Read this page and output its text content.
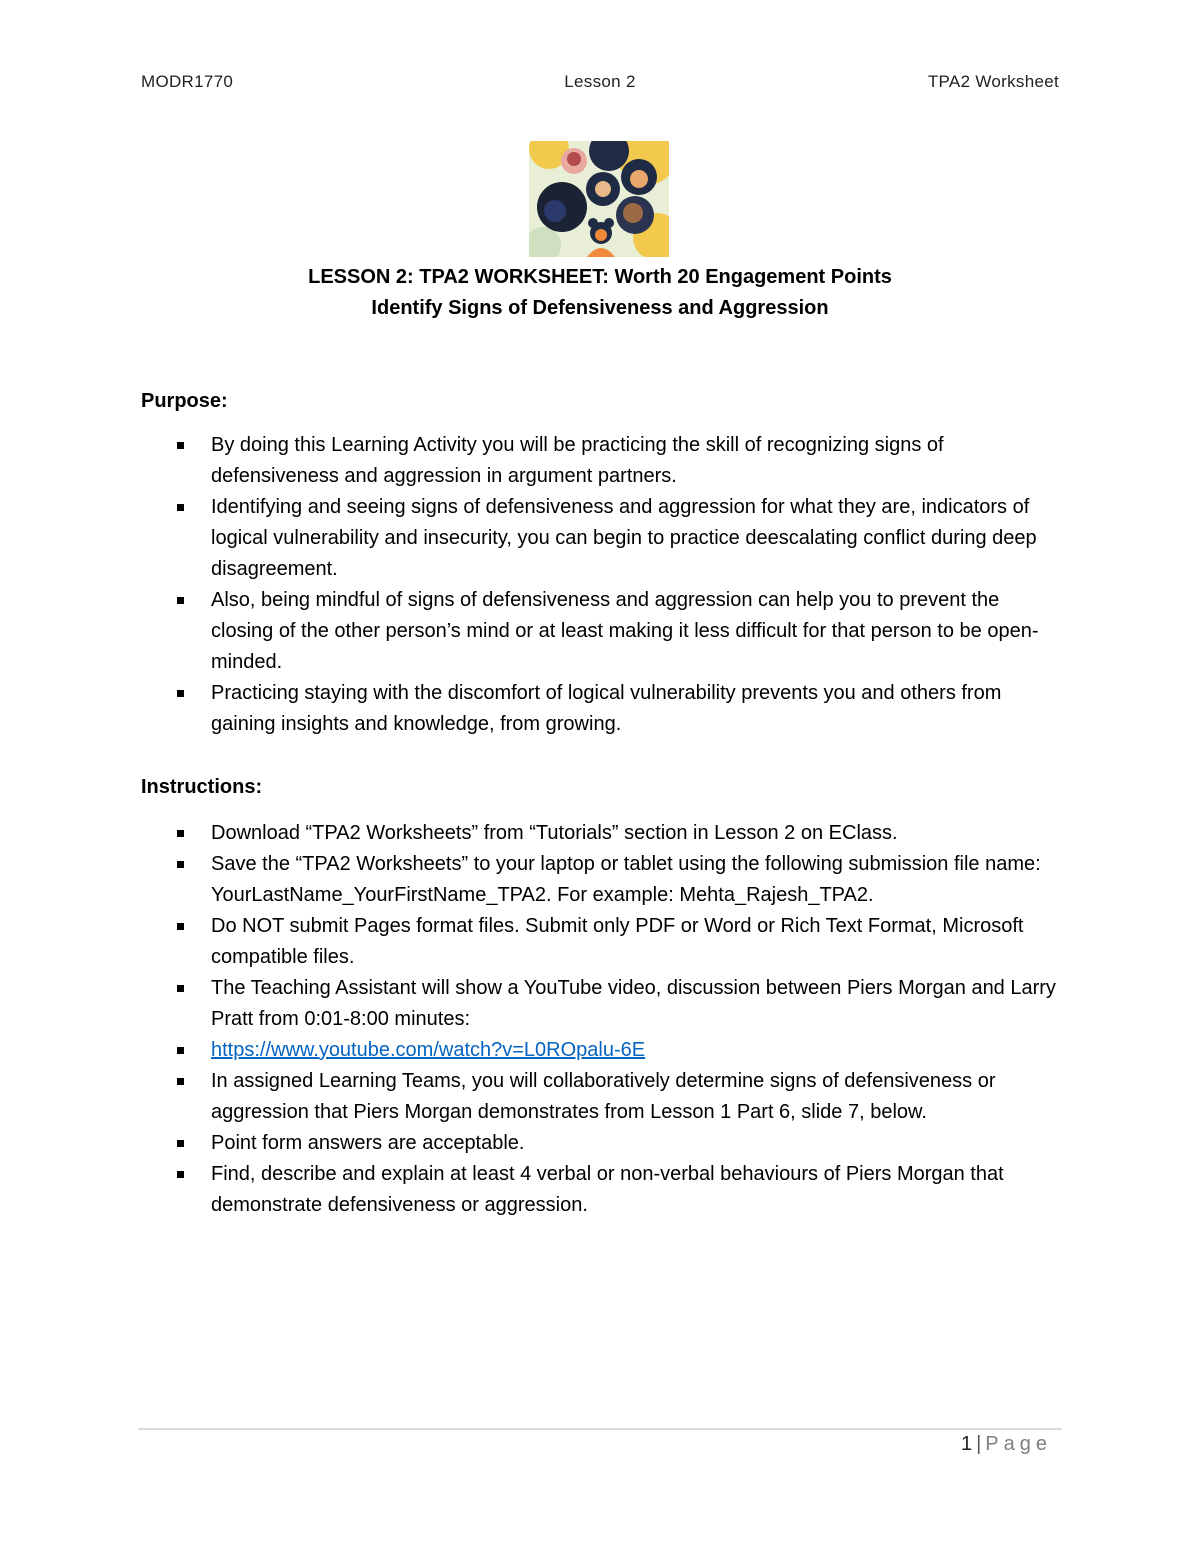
MODR1770	Lesson 2	TPA2 Worksheet
LESSON 2: TPA2 WORKSHEET: Worth 20 Engagement Points
Identify Signs of Defensiveness and Aggression
Purpose:
By doing this Learning Activity you will be practicing the skill of recognizing signs of defensiveness and aggression in argument partners.
Identifying and seeing signs of defensiveness and aggression for what they are, indicators of logical vulnerability and insecurity, you can begin to practice deescalating conflict during deep disagreement.
Also, being mindful of signs of defensiveness and aggression can help you to prevent the closing of the other person’s mind or at least making it less difficult for that person to be open-minded.
Practicing staying with the discomfort of logical vulnerability prevents you and others from gaining insights and knowledge, from growing.
Instructions:
Download “TPA2 Worksheets” from “Tutorials” section in Lesson 2 on EClass.
Save the “TPA2 Worksheets” to your laptop or tablet using the following submission file name: YourLastName_YourFirstName_TPA2. For example: Mehta_Rajesh_TPA2.
Do NOT submit Pages format files. Submit only PDF or Word or Rich Text Format, Microsoft compatible files.
The Teaching Assistant will show a YouTube video, discussion between Piers Morgan and Larry Pratt from 0:01-8:00 minutes:
https://www.youtube.com/watch?v=L0ROpalu-6E
In assigned Learning Teams, you will collaboratively determine signs of defensiveness or aggression that Piers Morgan demonstrates from Lesson 1 Part 6, slide 7, below.
Point form answers are acceptable.
Find, describe and explain at least 4 verbal or non-verbal behaviours of Piers Morgan that demonstrate defensiveness or aggression.
1 | Page
